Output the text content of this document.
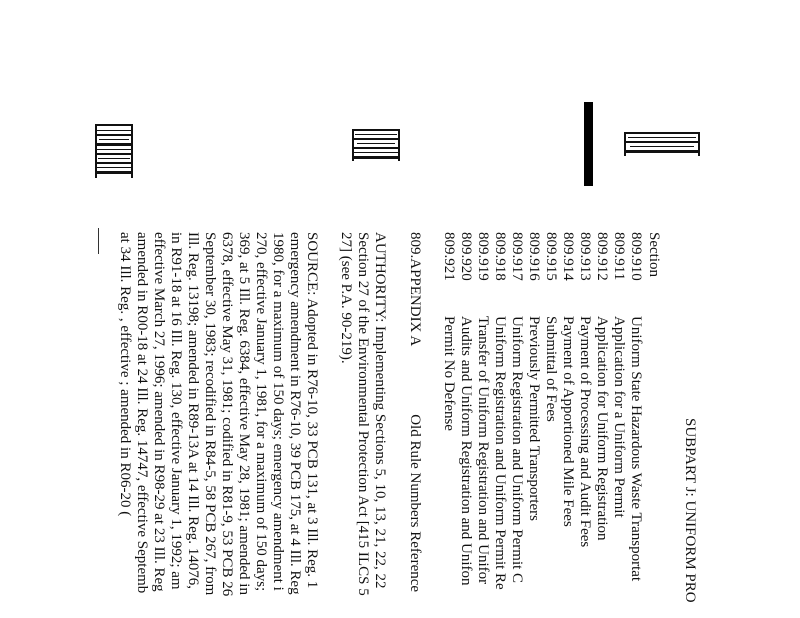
SUBPART J: UNIFORM PRO
Section
809.910Uniform State Hazardous Waste Transportat
809.911Application for a Uniform Permit
809.912Application for Uniform Registration
809.913Payment of Processing and Audit Fees
809.914Payment of Apportioned Mile Fees
809.915Submittal of Fees
809.916Previously Permitted Transporters
809.917Uniform Registration and Uniform Permit C
809.918Uniform Registration and Uniform Permit Re
809.919Transfer of Uniform Registration and Unifor
809.920Audits and Uniform Registration and Unifon
809.921Permit No Defense
809.APPENDIX AOld Rule Numbers Reference
AUTHORITY: Implementing Sections 5, 10, 13, 21, 22, 22
Section 27 of the Environmental Protection Act [415 ILCS 5
27] (see P.A. 90-219).
SOURCE: Adopted in R76-10, 33 PCB 131, at 3 Ill. Reg. 1
emergency amendment in R76-10, 39 PCB 175, at 4 Ill. Reg
1980, for a maximum of 150 days; emergency amendment i
270, effective January 1, 1981, for a maximum of 150 days;
369, at 5 Ill. Reg. 6384, effective May 28, 1981; amended in
6378, effective May 31, 1981; codified in R81-9, 53 PCB 26
September 30, 1983; recodified in R84-5, 58 PCB 267, from
Ill. Reg. 13198; amended in R89-13A at 14 Ill. Reg. 14076,
in R91-18 at 16 Ill. Reg. 130, effective January 1, 1992; am
effective March 27, 1996; amended in R98-29 at 23 Ill. Reg
amended in R00-18 at 24 Ill. Reg. 14747, effective Septemb
at 34 Ill. Reg. , effective ; amended in R06-20 (
